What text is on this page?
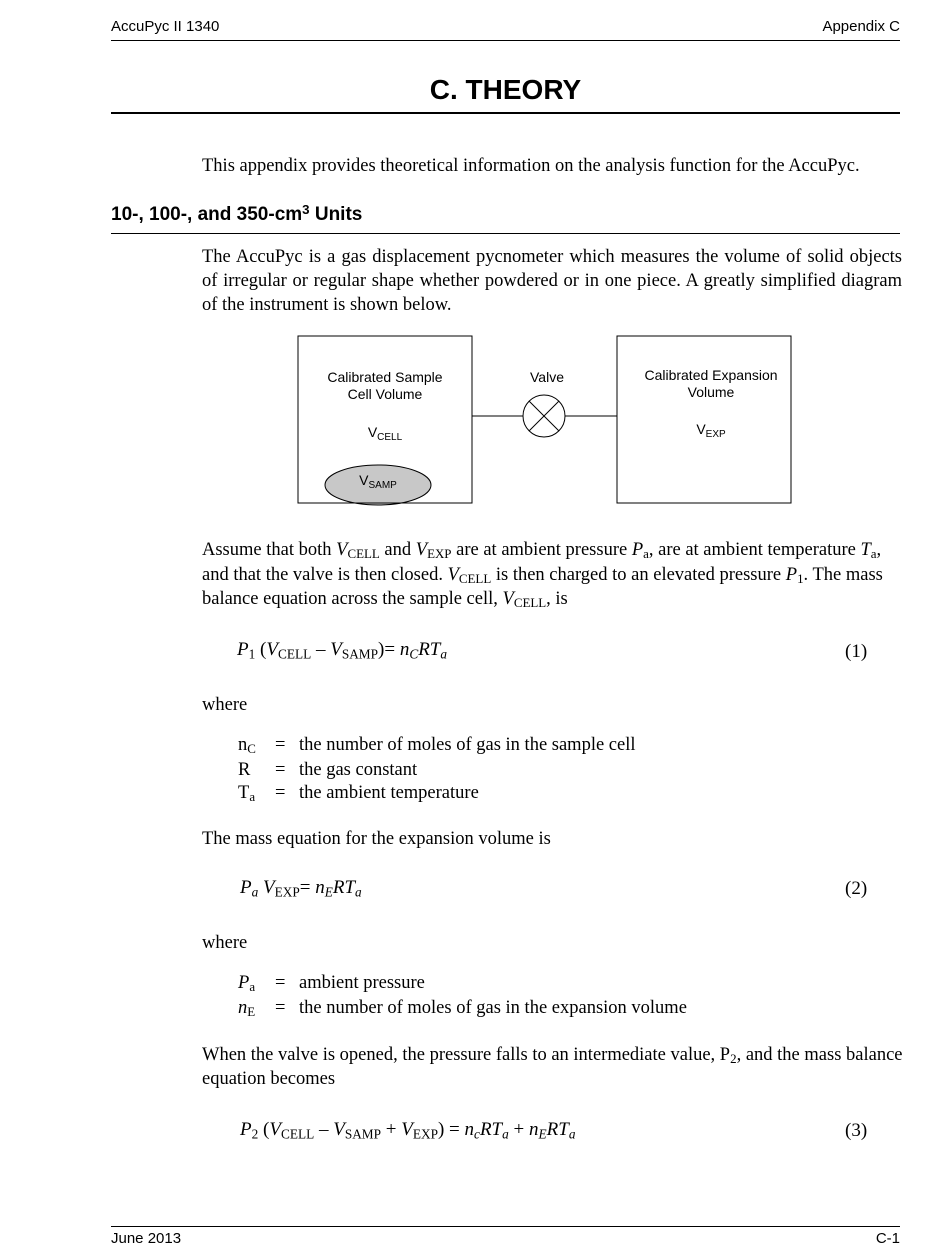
AccuPyc II 1340	Appendix C
C. THEORY
This appendix provides theoretical information on the analysis function for the AccuPyc.
10-, 100-, and $350-cm^3$ Units
The AccuPyc is a gas displacement pycnometer which measures the volume of solid objects of irregular or regular shape whether powdered or in one piece. A greatly simplified diagram of the instrument is shown below.
Calibrated Sample
Cell Volume
$V_{CELL}$
$V_{SAMP}$
Valve	Calibrated Expansion
Volume
$V_{EXP}$
Assume that both $V_{CELL}$ and $V_{EXP}$ are at ambient pressure $P_a$, are at ambient temperature $T_a$,
and that the valve is then closed. $V_{CELL}$ is then charged to an elevated pressure $P_1$. The mass
balance equation across the sample cell, $V_{CELL}$, is
$P_1$ $(V_{CELL} - V_{SAMP})= n_CRT_a$	(1)
where
$n_C$ = the number of moles of gas in the sample cell
R = the gas constant
$T_a$ = the ambient temperature
The mass equation for the expansion volume is
$P_a$ $V_{EXP}= n_ERT_a$	(2)
where
$P_a$ = ambient pressure
$n_E$ = the number of moles of gas in the expansion volume
When the valve is opened, the pressure falls to an intermediate value, $P_2$, and the mass balance
equation becomes
$P_2$ $(V_{CELL} - V_{SAMP} + V_{EXP}) = n_cRT_a + n_ERT_a$	(3)
June 2013	C-1
